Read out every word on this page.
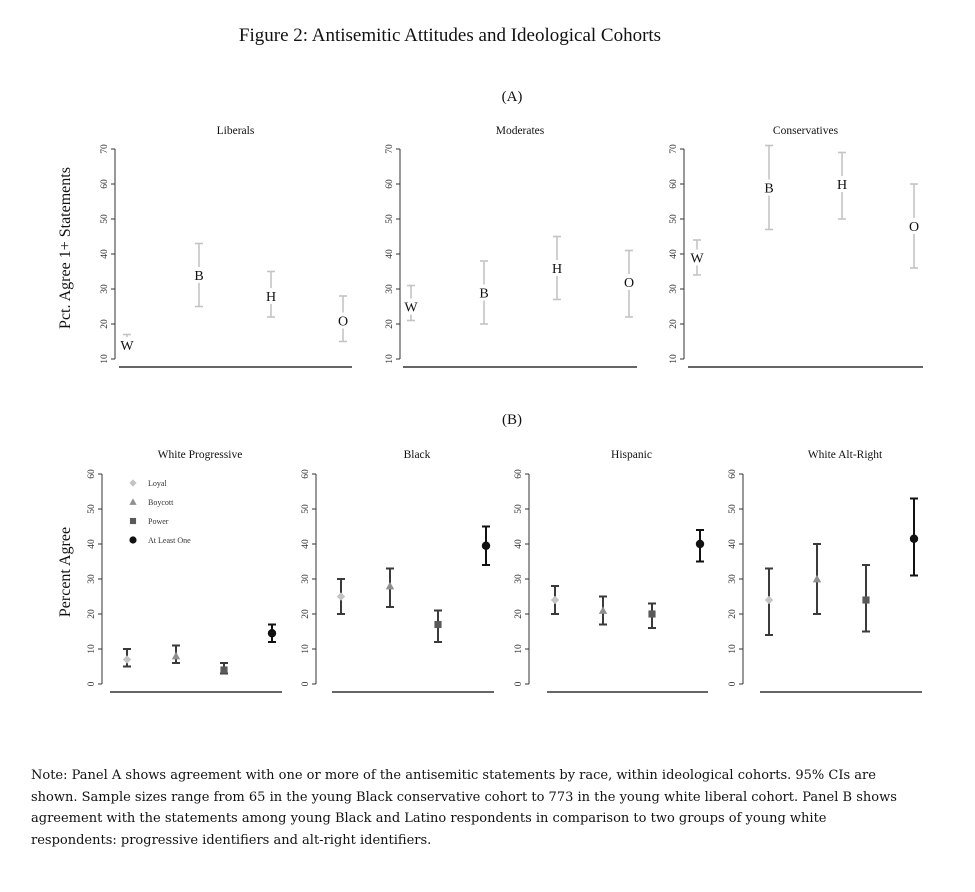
Figure 2: Antisemitic Attitudes and Ideological Cohorts
(A)
Pct. Agree 1+ Statements
(B)
Percent Agree
Liberals
10
20
30
40
50
60
70
W
B
H
O
Moderates
10
20
30
40
50
60
70
W
B
H
O
Conservatives
10
20
30
40
50
60
70
W
B	H
O
White Progressive
0
10
20
30
40
50
60
Loyal
Boycott
Power
At Least One
Black
0
10
20
30
40
50
60
Hispanic
0
10
20
30
40
50
60
White Alt-Right
0
10
20
30
40
50
60

Note: Panel A shows agreement with one or more of the antisemitic statements by race, within ideological cohorts. 95% CIs are shown. Sample sizes range from 65 in the young Black conservative cohort to 773 in the young white liberal cohort. Panel B shows agreement with the statements among young Black and Latino respondents in comparison to two groups of young white respondents: progressive identifiers and alt-right identifiers.
